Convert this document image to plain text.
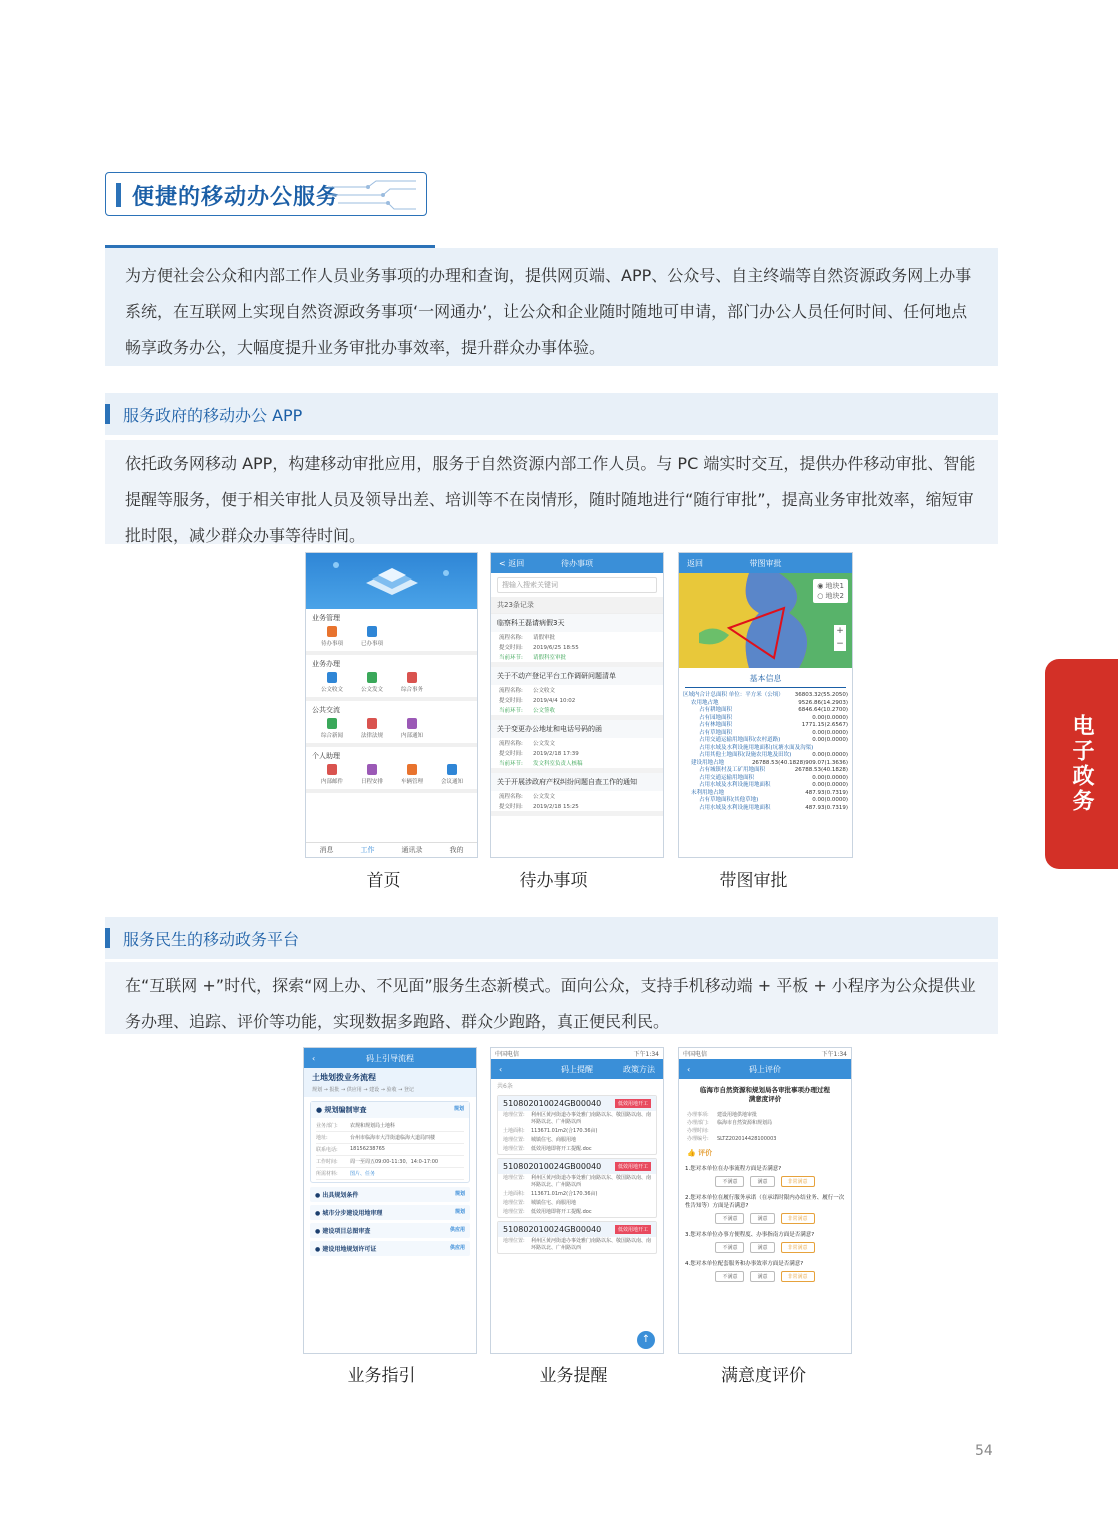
便捷的移动办公服务
为方便社会公众和内部工作人员业务事项的办理和查询，提供网页端、APP、公众号、自主终端等自然资源政务网上办事系统，在互联网上实现自然资源政务事项‘一网通办’，让公众和企业随时随地可申请，部门办公人员任何时间、任何地点畅享政务办公，大幅度提升业务审批办事效率，提升群众办事体验。
服务政府的移动办公 APP
依托政务网移动 APP，构建移动审批应用，服务于自然资源内部工作人员。与 PC 端实时交互，提供办件移动审批、智能提醒等服务，便于相关审批人员及领导出差、培训等不在岗情形，随时随地进行“随行审批”，提高业务审批效率，缩短审批时限，减少群众办事等待时间。
业务管理
待办事项	已办事项
业务办理
公文收文	公文发文	综合事务
公共交流
综合新闻	法律法规	内部通知
个人助理
内部邮件	日程安排	车辆管理	会议通知
消息	工作	通讯录	我的
< 返回	待办事项
搜输入搜索关键词
共23条记录
临察科王磊请病假3天
流程名称: 请假审批
提交时间: 2019/6/25 18:55
当前环节: 请假科室审批
关于不动产登记平台工作调研问题清单
流程名称: 公文收文
提交时间: 2019/4/4 10:02
当前环节: 公文签收
关于变更办公地址和电话号码的函
流程名称: 公文发文
提交时间: 2019/2/18 17:39
当前环节: 发文科室负责人核稿
关于开展涉政府产权纠纷问题自查工作的通知
流程名称: 公文发文
提交时间: 2019/2/18 15:25
返回	带图审批
◉ 地块1
○ 地块2
+
−
基本信息
区域内合计总面积 单位：平方米（公顷） 36803.32(55.2050)
农用地占地	9526.86(14.2903)
占有耕地面积	6846.64(10.2700)
占有园地面积	0.00(0.0000)
占有林地面积	1771.15(2.6567)
占有草地面积	0.00(0.0000)
占用交通运输用地面积(农村道路)	0.00(0.0000)
占用水域及水利设施用地面积(坑塘水面及沟渠)
占用其他土地面积(设施农用地及田坎)	0.00(0.0000)
建设用地占地	26788.53(40.1828)909.07(1.3636)
占有城镇村及工矿用地面积	26788.53(40.1828)
占用交通运输用地面积	0.00(0.0000)
占用水域及水利设施用地面积	0.00(0.0000)
未利用地占地	487.93(0.7319)
占有草地面积(其他草地)	0.00(0.0000)
占用水域及水利设施用地面积	487.93(0.7319)
首页	待办事项	带图审批
电子政务
服务民生的移动政务平台
在“互联网 +”时代，探索“网上办、不见面”服务生态新模式。面向公众，支持手机移动端 + 平板 + 小程序为公众提供业务办理、追踪、评价等功能，实现数据多跑路、群众少跑路，真正便民利民。
‹	码上引导流程
土地划拨业务流程
规划 → 报批 → 供应用 → 建设 → 验收 → 登记
● 规划编制审查	规划
业务部门:	农规和规划局土地科
地址:	台州市临海市大洋街道临海大道局四楼
联系电话:	18156238765
工作时间:	周一至周五09:00-11:30、14:0-17:00
所需材料:	图片、任务
● 出具规划条件	规划
● 城市分步建设用地审理	规划
● 建设项目总图审查	供应用
● 建设用地规划许可证	供应用
中国电信	下午1:34
‹	码上提醒	政策方法
共6条
低效用地开工
510802010024GB00040
地理位置:	利州区黄河街道办事处雅门南路以东、敬国路以南、南环路以北、广州路以西
土地面积:	113671.01m2(合170.36亩)
地理位置:	城镇住宅、商服用地
地理位置:	低效用地即将开工提醒.doc
低效用地开工
510802010024GB00040
地理位置:	利州区黄河街道办事处雅门南路以东、敬国路以南、南环路以北、广州路以西
土地面积:	113671.01m2(合170.36亩)
地理位置:	城镇住宅、商服用地
地理位置:	低效用地即将开工提醒.doc
低效用地开工
510802010024GB00040
地理位置:	利州区黄河街道办事处雅门南路以东、敬国路以南、南环路以北、广州路以西
↑
中国电信	下午1:34
‹	码上评价
临海市自然资源和规划局各审批事项办理过程满意度评价
办理事项: 建设用地供地审批
办理部门: 临海市自然资源和规划局
办理时间:
办理编号: SLTZ202014428100003
👍 评价
1.您对本单位在办事流程方面是否满意?
不满意	满意	非常满意
2.您对本单位在履行服务承诺（在承诺时限内办结业务、履行一次性告知等）方面是否满意?
不满意	满意	非常满意
3.您对本单位办事方便程度、办事指南方面是否满意?
不满意	满意	非常满意
4.您对本单位配套服务和办事效率方面是否满意?
不满意	满意	非常满意
业务指引	业务提醒	满意度评价
54
